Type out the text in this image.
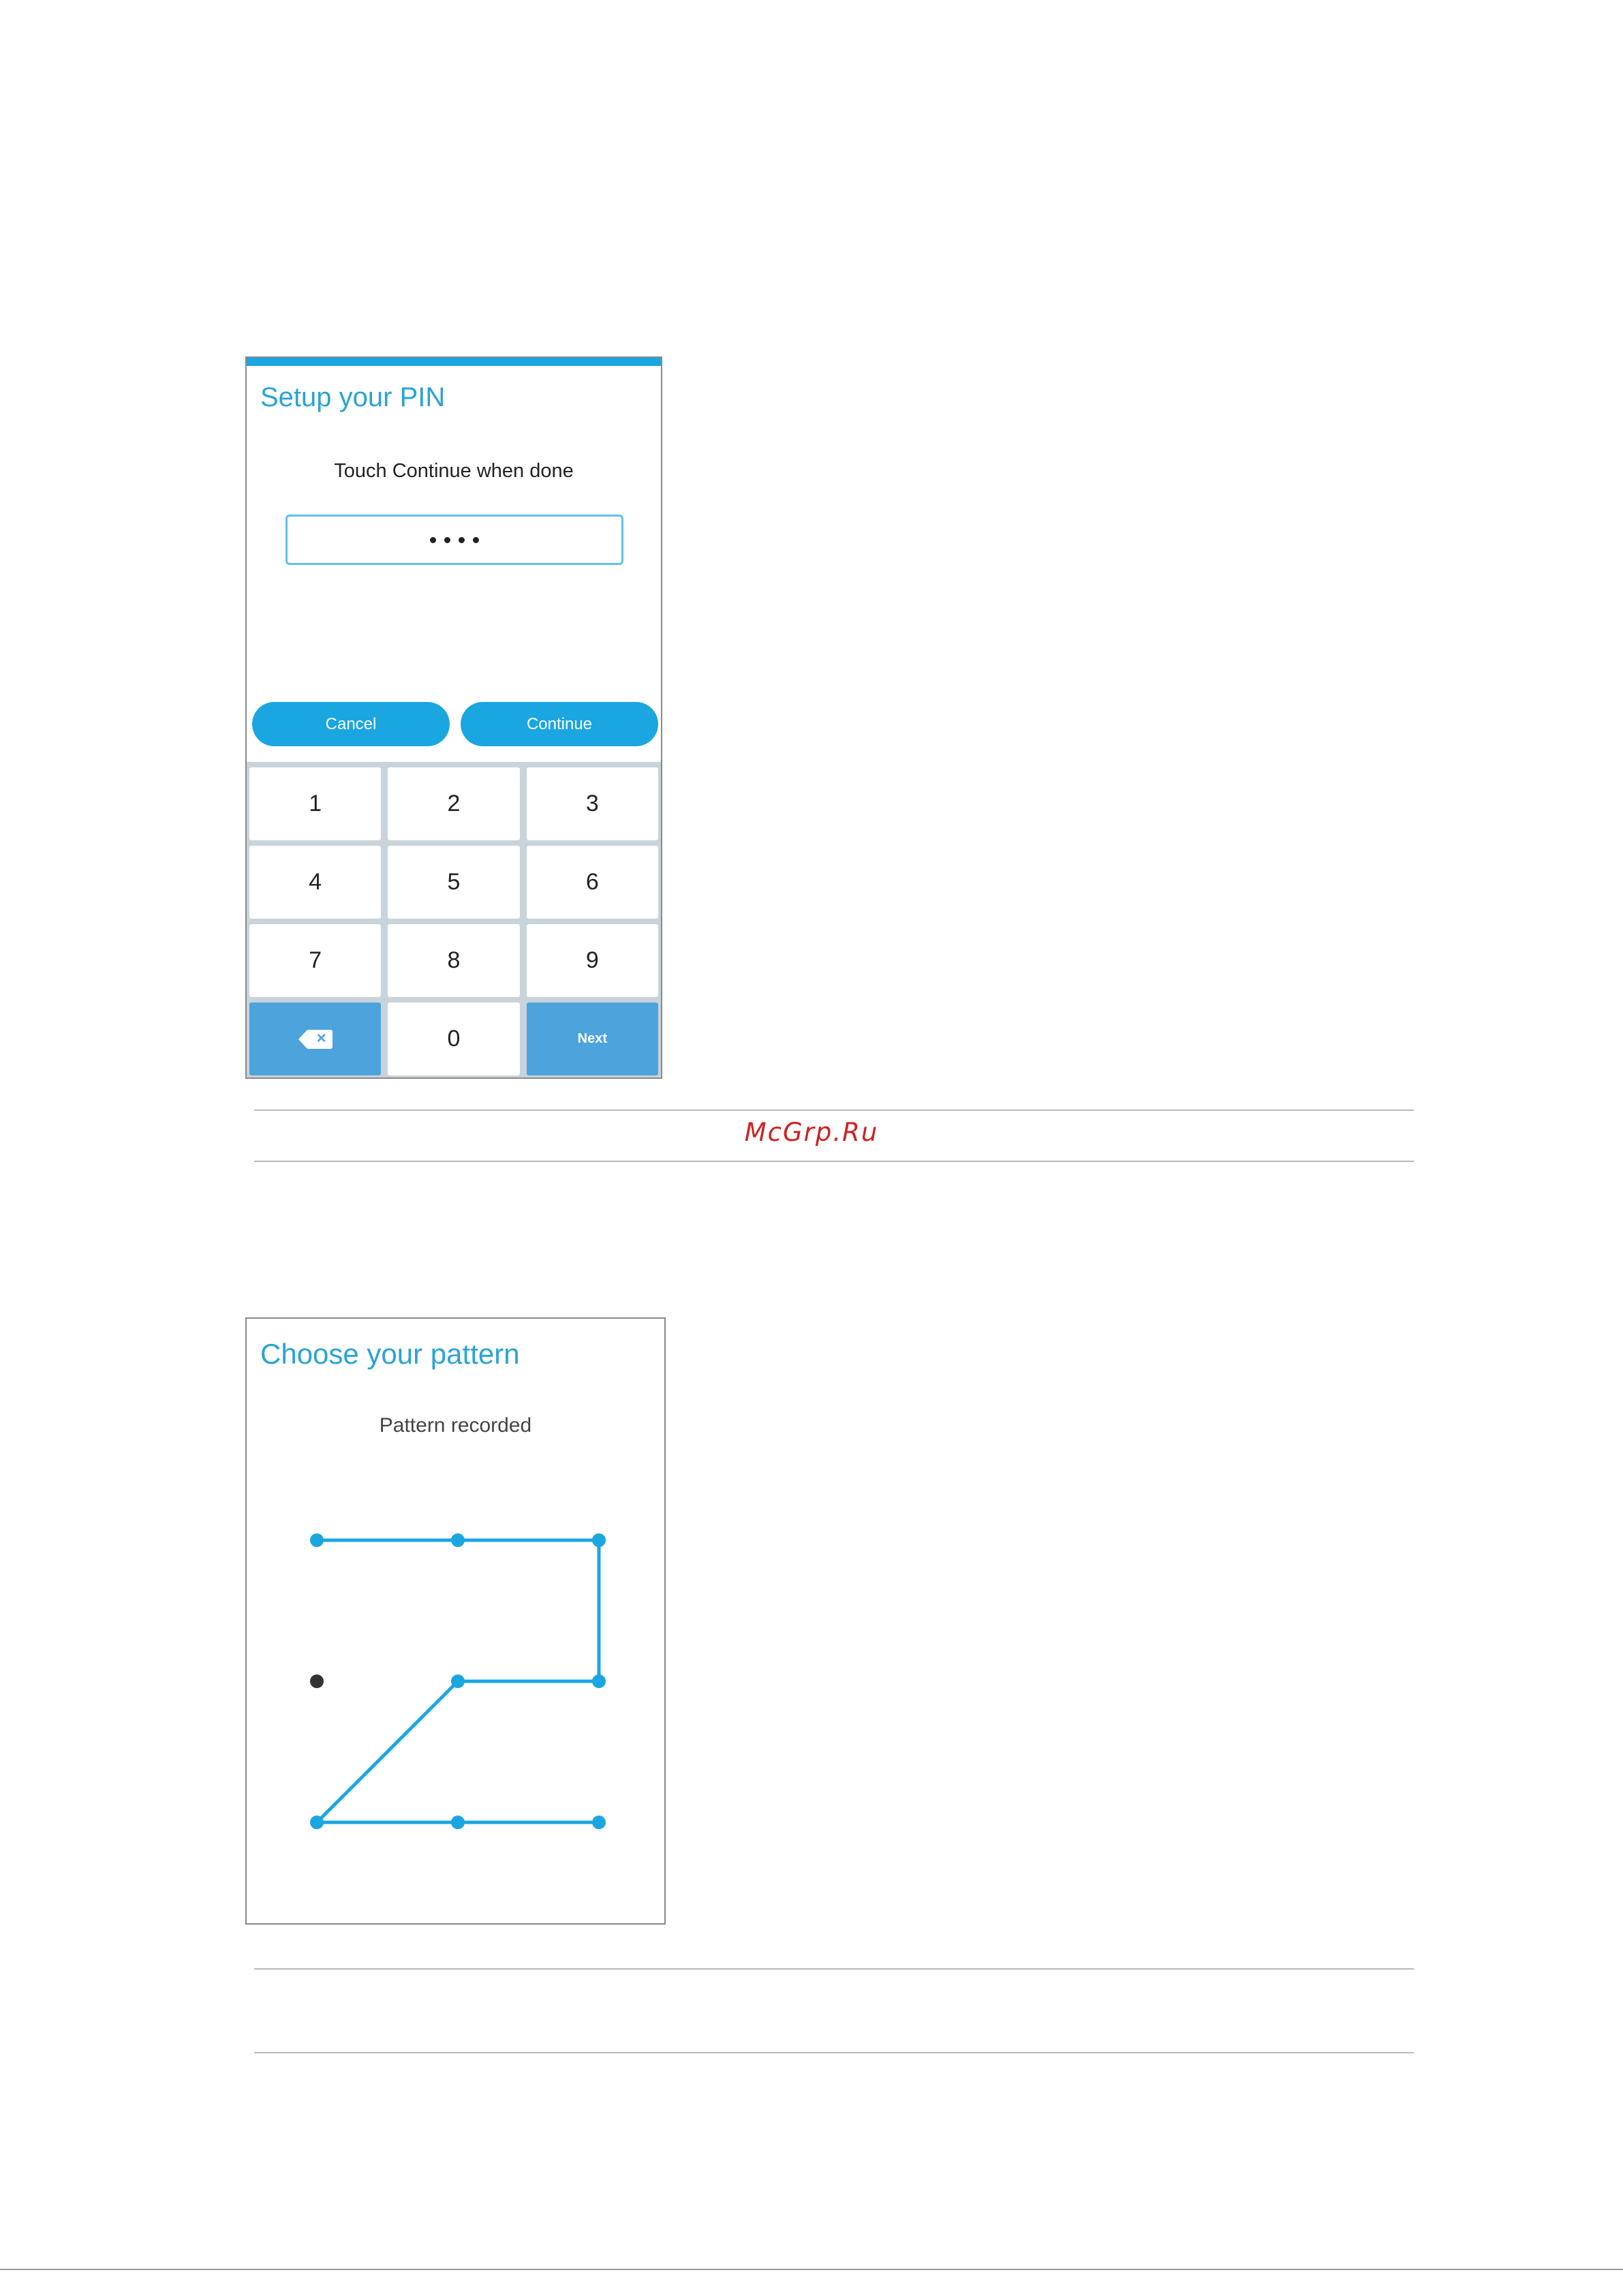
Setup your PIN
Touch Continue when done
Cancel	Continue
1	2	3
4	5	6
7	8	9
×	0	Next
McGrp.Ru
Choose your pattern
Pattern recorded
